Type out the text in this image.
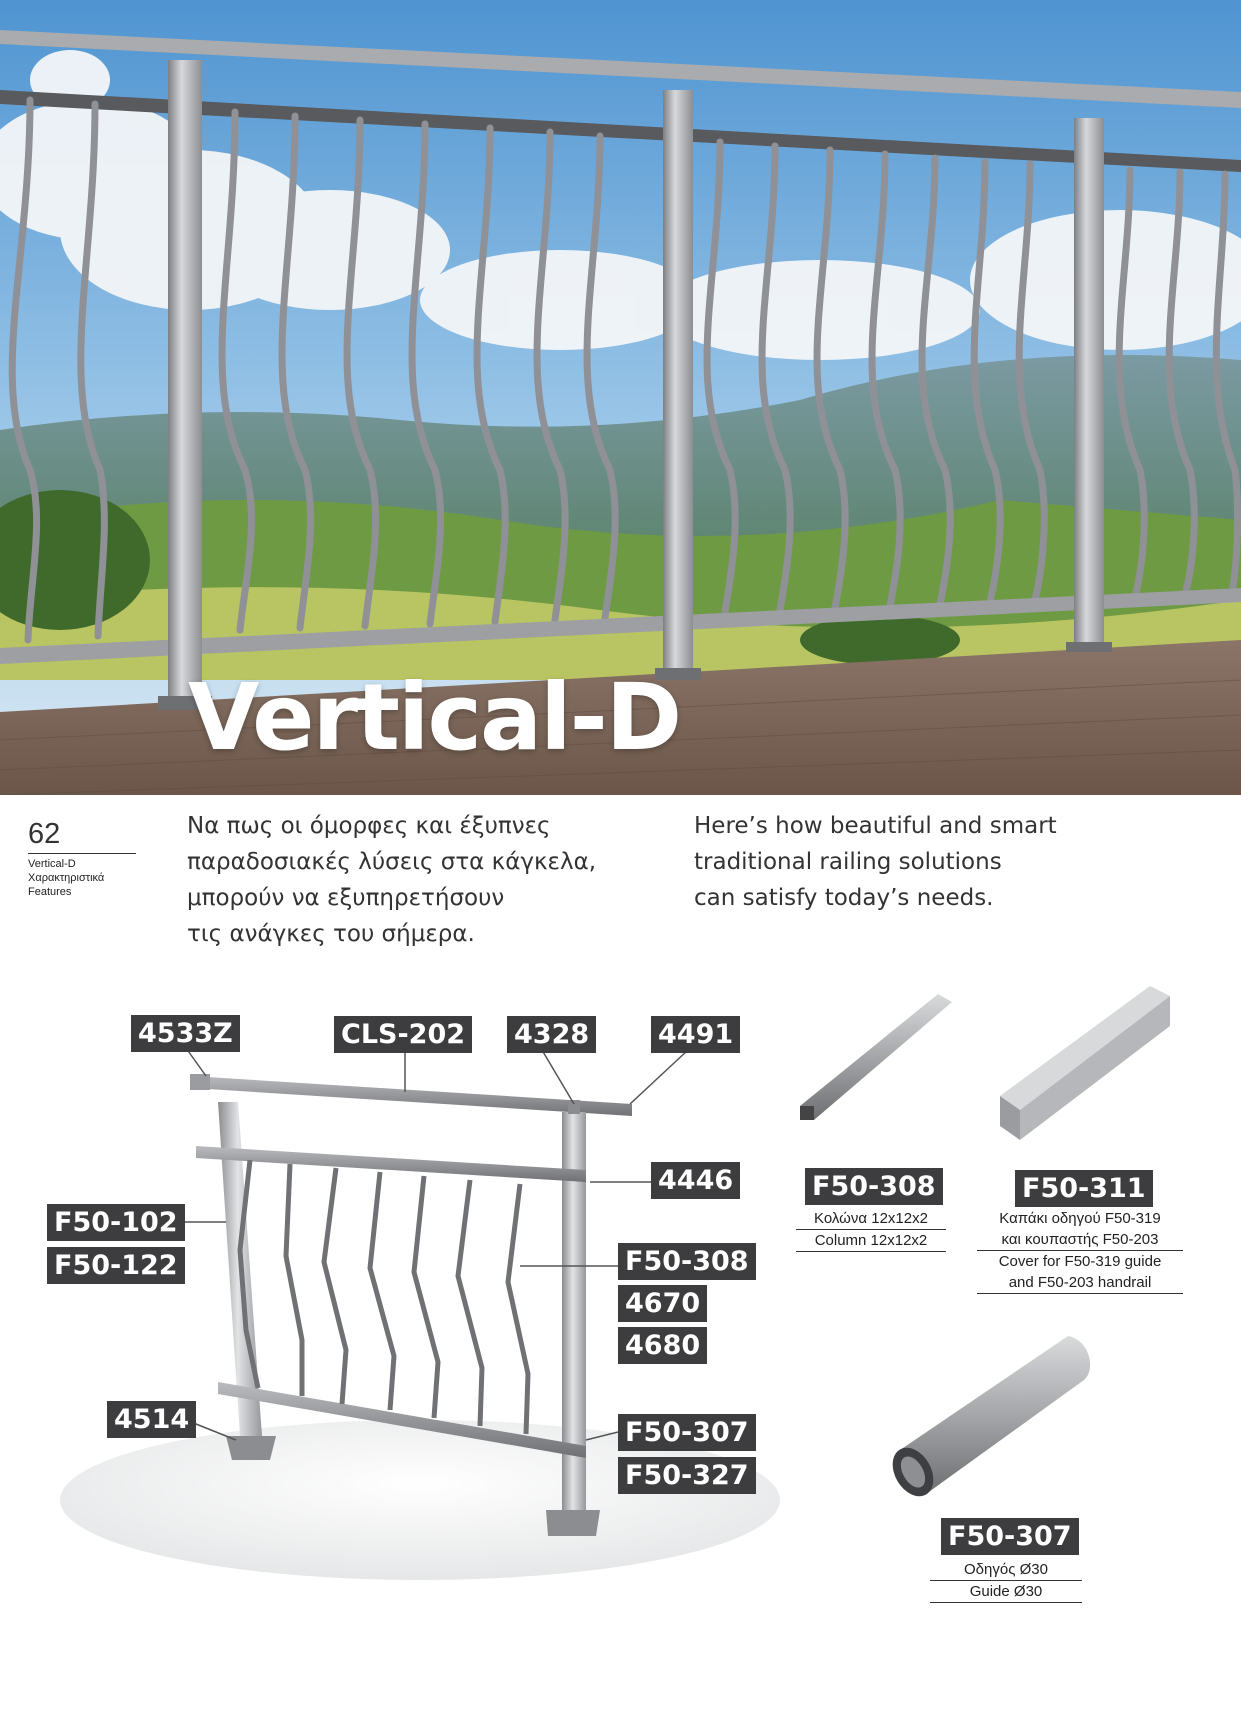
Vertical-D
62
Vertical-D
Χαρακτηριστικά
Features
Να πως οι όμορφες και έξυπνες
παραδοσιακές λύσεις στα κάγκελα,
μπορούν να εξυπηρετήσουν
τις ανάγκες του σήμερα.
Here’s how beautiful and smart
traditional railing solutions
can satisfy today’s needs.
4533Z	CLS-202 4328	4491
4446
F50-102
F50-122	F50-308
4670
4680
4514	F50-307
F50-327
F50-308
Κολώνα 12x12x2
Column 12x12x2
F50-311
Καπάκι οδηγού F50-319
και κουπαστής F50-203
Cover for F50-319 guide
and F50-203 handrail
F50-307
Οδηγός Ø30
Guide Ø30
